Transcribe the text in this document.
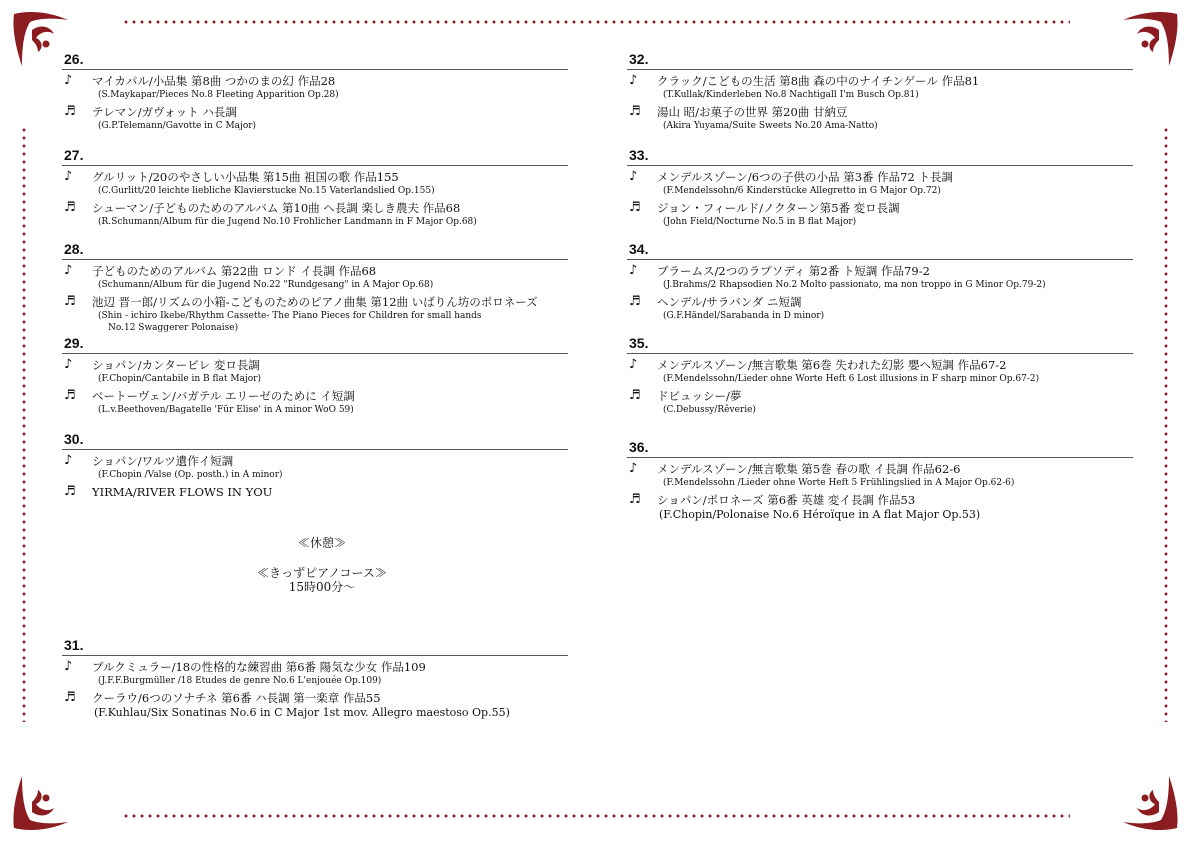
26.
♪	マイカパル/小品集 第8曲 つかのまの幻 作品28
(S.Maykapar/Pieces No.8 Fleeting Apparition Op.28)
♬	テレマン/ガヴォット ハ長調
(G.P.Telemann/Gavotte in C Major)
27.
♪	グルリット/20のやさしい小品集 第15曲 祖国の歌 作品155
(C.Gurlitt/20 leichte liebliche Klavierstucke No.15 Vaterlandslied Op.155)
♬	シューマン/子どものためのアルバム 第10曲 へ長調 楽しき農夫 作品68
(R.Schumann/Album für die Jugend No.10 Frohlicher Landmann in F Major Op.68)
28.
♪	子どものためのアルバム 第22曲 ロンド イ長調 作品68
(Schumann/Album für die Jugend No.22 "Rundgesang" in A Major Op.68)
♬	池辺 晋一郎/リズムの小箱-こどものためのピアノ曲集 第12曲 いばりん坊のポロネーズ
(Shin - ichiro Ikebe/Rhythm Cassette- The Piano Pieces for Children for small hands
No.12 Swaggerer Polonaise)
29.
♪	ショパン/カンタービレ 変ロ長調
(F.Chopin/Cantabile in B flat Major)
♬	ベートーヴェン/バガテル エリーゼのために イ短調
(L.v.Beethoven/Bagatelle 'Für Elise' in A minor WoO 59)
30.
♪	ショパン/ワルツ遺作イ短調
(F.Chopin /Valse (Op. posth.) in A minor)
♬	YIRMA/RIVER FLOWS IN YOU
≪休憩≫
≪きっずピアノコース≫
15時00分〜
31.
♪	ブルクミュラー/18の性格的な練習曲 第6番 陽気な少女 作品109
(J.F.F.Burgmüller /18 Etudes de genre No.6 L'enjouée Op.109)
♬	クーラウ/6つのソナチネ 第6番 ハ長調 第一楽章 作品55
(F.Kuhlau/Six Sonatinas No.6 in C Major 1st mov. Allegro maestoso Op.55)
32.
♪	クラック/こどもの生活 第8曲 森の中のナイチンゲール 作品81
(T.Kullak/Kinderleben No.8 Nachtigall I'm Busch Op.81)
♬	湯山 昭/お菓子の世界 第20曲 甘納豆
(Akira Yuyama/Suite Sweets No.20 Ama-Natto)
33.
♪	メンデルスゾーン/6つの子供の小品 第3番 作品72 ト長調
(F.Mendelssohn/6 Kinderstücke Allegretto in G Major Op.72)
♬	ジョン・フィールド/ノクターン第5番 変ロ長調
(John Field/Nocturne No.5 in B flat Major)
34.
♪	ブラームス/2つのラプソディ 第2番 ト短調 作品79-2
(J.Brahms/2 Rhapsodien No.2 Molto passionato, ma non troppo in G Minor Op.79-2)
♬	ヘンデル/サラバンダ ニ短調
(G.F.Händel/Sarabanda in D minor)
35.
♪	メンデルスゾーン/無言歌集 第6巻 失われた幻影 嬰ヘ短調 作品67-2
(F.Mendelssohn/Lieder ohne Worte Heft 6 Lost illusions in F sharp minor Op.67-2)
♬	ドビュッシー/夢
(C.Debussy/Rêverie)
36.
♪	メンデルスゾーン/無言歌集 第5巻 春の歌 イ長調 作品62-6
(F.Mendelssohn /Lieder ohne Worte Heft 5 Frühlingslied in A Major Op.62-6)
♬	ショパン/ポロネーズ 第6番 英雄 変イ長調 作品53
(F.Chopin/Polonaise No.6 Héroïque in A flat Major Op.53)
